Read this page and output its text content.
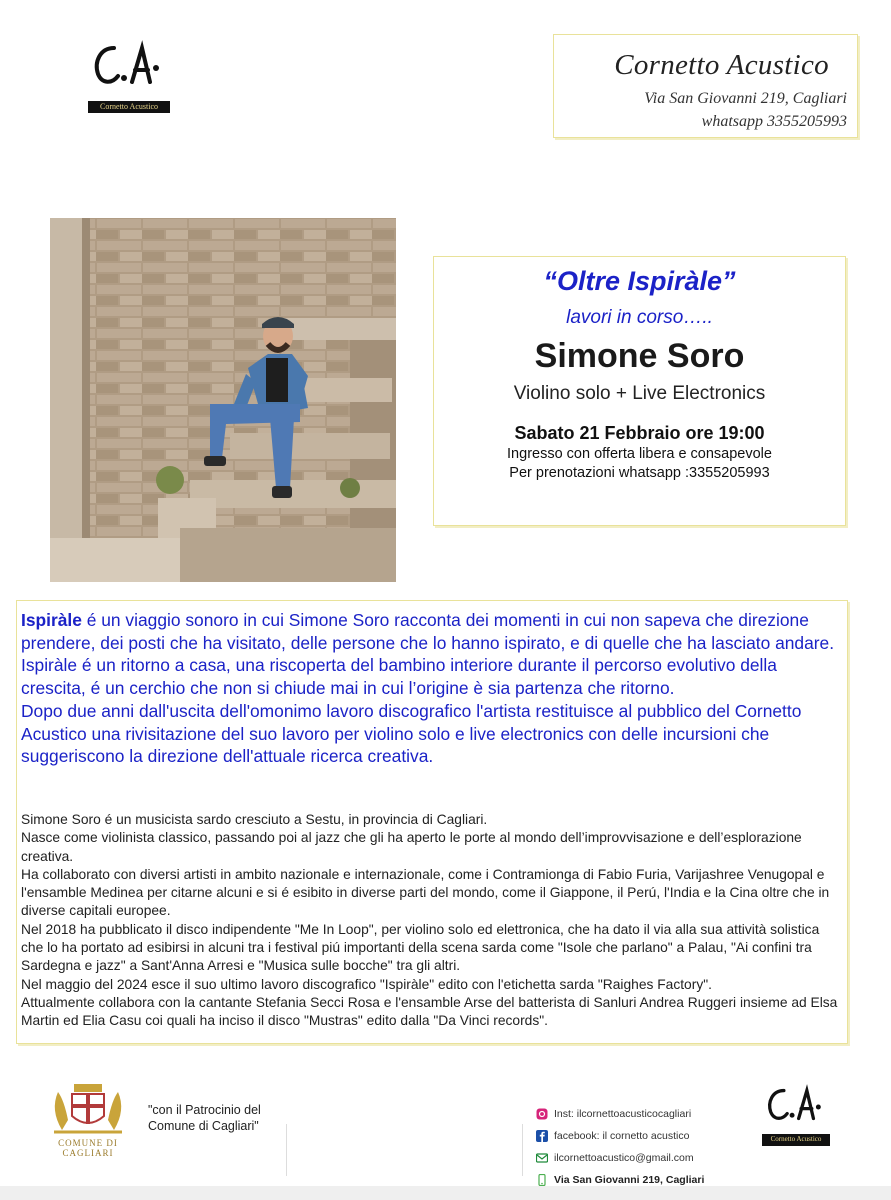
Cornetto Acustico
Cornetto Acustico
Via San Giovanni 219, Cagliari
whatsapp 3355205993
“Oltre Ispiràle”
lavori in corso…..
Simone Soro
Violino solo + Live Electronics
Sabato 21 Febbraio ore 19:00
Ingresso con offerta libera e consapevole
Per prenotazioni whatsapp :3355205993

Ispiràle é un viaggio sonoro in cui Simone Soro racconta dei momenti in cui non sapeva che direzione prendere, dei posti che ha visitato, delle persone che lo hanno ispirato, e di quelle che ha lasciato andare.

Ispiràle é un ritorno a casa, una riscoperta del bambino interiore durante il percorso evolutivo della crescita, é un cerchio che non si chiude mai in cui l’origine è sia partenza che ritorno.

Dopo due anni dall'uscita dell'omonimo lavoro discografico l'artista restituisce al pubblico del Cornetto Acustico una rivisitazione del suo lavoro per violino solo e live electronics con delle incursioni che suggeriscono la direzione dell'attuale ricerca creativa.

Simone Soro é un musicista sardo cresciuto a Sestu, in provincia di Cagliari.

Nasce come violinista classico, passando poi al jazz che gli ha aperto le porte al mondo dell’improvvisazione e dell’esplorazione creativa.

Ha collaborato con diversi artisti in ambito nazionale e internazionale, come i Contramionga di Fabio Furia, Varijashree Venugopal e l'ensamble Medinea per citarne alcuni e si é esibito in diverse parti del mondo, come il Giappone, il Perú, l'India e la Cina oltre che in diverse capitali europee.

Nel 2018 ha pubblicato il disco indipendente "Me In Loop", per violino solo ed elettronica, che ha dato il via alla sua attività solistica che lo ha portato ad esibirsi in alcuni tra i festival piú importanti della scena sarda come "Isole che parlano" a Palau, "Ai confini tra Sardegna e jazz" a Sant'Anna Arresi e "Musica sulle bocche" tra gli altri.

Nel maggio del 2024 esce il suo ultimo lavoro discografico "Ispiràle" edito con l'etichetta sarda "Raighes Factory".

Attualmente collabora con la cantante Stefania Secci Rosa e l'ensamble Arse del batterista di Sanluri Andrea Ruggeri insieme ad Elsa Martin ed Elia Casu coi quali ha inciso il disco "Mustras" edito dalla "Da Vinci records".

COMUNE DI CAGLIARI
"con il Patrocinio del Comune di Cagliari"
Inst: ilcornettoacusticocagliari
facebook: il cornetto acustico
ilcornettoacustico@gmail.com
Via San Giovanni 219, Cagliari
Cornetto Acustico
